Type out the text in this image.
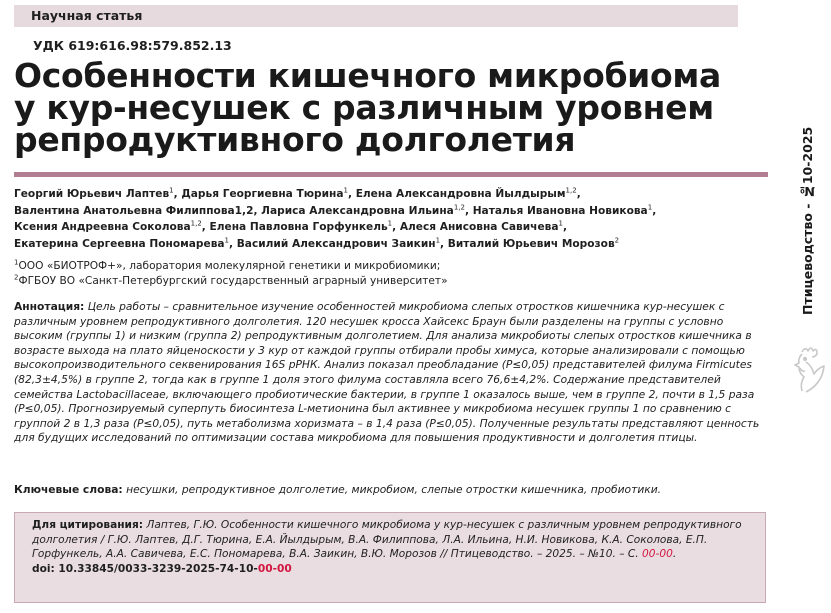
Научная статья
УДК 619:616.98:579.852.13
Особенности кишечного микробиома
у кур-несушек с различным уровнем
репродуктивного долголетия
Георгий Юрьевич Лаптев$^1$, Дарья Георгиевна Тюрина$^1$, Елена Александровна Йылдырым$^{1,2}$,
Валентина Анатольевна Филиппова1,2, Лариса Александровна Ильина$^{1,2}$, Наталья Ивановна Новикова$^1$,
Ксения Андреевна Соколова$^{1,2}$, Елена Павловна Горфункель$^1$, Алеся Анисовна Савичева$^1$,
Екатерина Сергеевна Пономарева$^1$, Василий Александрович Заикин$^1$, Виталий Юрьевич Морозов$^2$
$^1$ООО «БИОТРОФ+», лаборатория молекулярной генетики и микробиомики;
$^2$ФГБОУ ВО «Санкт-Петербургский государственный аграрный университет»
Аннотация: Цель работы – сравнительное изучение особенностей микробиома слепых отростков кишечника кур-несушек с различным уровнем репродуктивного долголетия. 120 несушек кросса Хайсекс Браун были разделены на группы с условно высоким (группы 1) и низким (группа 2) репродуктивным долголетием. Для анализа микробиоты слепых отростков кишечника в возрасте выхода на плато яйценоскости у 3 кур от каждой группы отбирали пробы химуса, которые анализировали с помощью высокопроизводительного секвенирования 16S рРНК. Анализ показал преобладание (P≤0,05) представителей филума Firmicutes (82,3±4,5%) в группе 2, тогда как в группе 1 доля этого филума составляла всего 76,6±4,2%. Содержание представителей семейства Lactobacillaceae, включающего пробиотические бактерии, в группе 1 оказалось выше, чем в группе 2, почти в 1,5 раза (P≤0,05). Прогнозируемый суперпуть биосинтеза L-метионина был активнее у микробиома несушек группы 1 по сравнению с группой 2 в 1,3 раза (P≤0,05), путь метаболизма хоризмата – в 1,4 раза (P≤0,05). Полученные результаты представляют ценность для будущих исследований по оптимизации состава микробиома для повышения продуктивности и долголетия птицы.
Ключевые слова: несушки, репродуктивное долголетие, микробиом, слепые отростки кишечника, пробиотики.
Для цитирования: Лаптев, Г.Ю. Особенности кишечного микробиома у кур-несушек с различным уровнем репродуктивного долголетия / Г.Ю. Лаптев, Д.Г. Тюрина, Е.А. Йылдырым, В.А. Филиппова, Л.А. Ильина, Н.И. Новикова, К.А. Соколова, Е.П. Горфункель, А.А. Савичева, Е.С. Пономарева, В.А. Заикин, В.Ю. Морозов // Птицеводство. – 2025. – №10. – С. 00-00.
doi: 10.33845/0033-3239-2025-74-10-00-00
Птицеводство - №10-2025
